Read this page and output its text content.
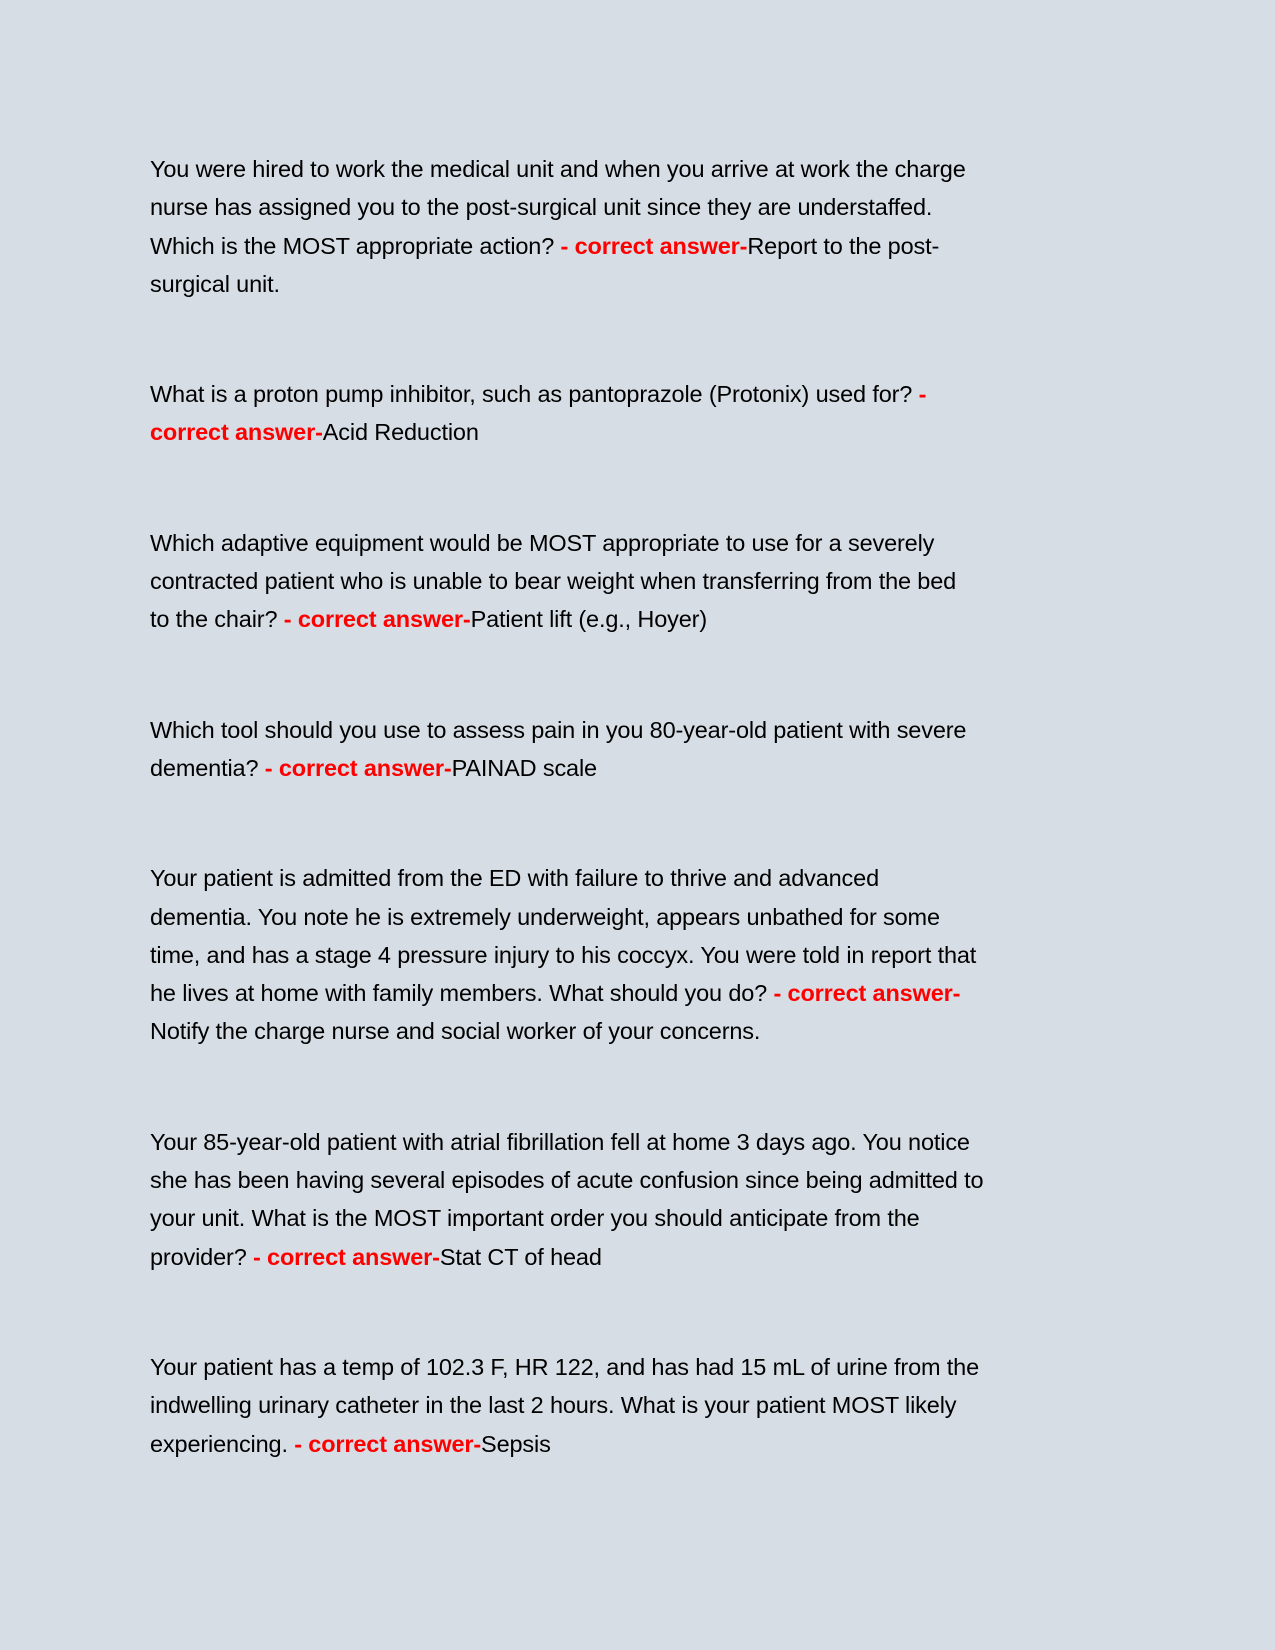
You were hired to work the medical unit and when you arrive at work the charge
nurse has assigned you to the post-surgical unit since they are understaffed.
Which is the MOST appropriate action? - correct answer-Report to the post-
surgical unit.
What is a proton pump inhibitor, such as pantoprazole (Protonix) used for? -
correct answer-Acid Reduction
Which adaptive equipment would be MOST appropriate to use for a severely
contracted patient who is unable to bear weight when transferring from the bed
to the chair? - correct answer-Patient lift (e.g., Hoyer)
Which tool should you use to assess pain in you 80-year-old patient with severe
dementia? - correct answer-PAINAD scale
Your patient is admitted from the ED with failure to thrive and advanced
dementia. You note he is extremely underweight, appears unbathed for some
time, and has a stage 4 pressure injury to his coccyx. You were told in report that
he lives at home with family members. What should you do? - correct answer-
Notify the charge nurse and social worker of your concerns.
Your 85-year-old patient with atrial fibrillation fell at home 3 days ago. You notice
she has been having several episodes of acute confusion since being admitted to
your unit. What is the MOST important order you should anticipate from the
provider? - correct answer-Stat CT of head
Your patient has a temp of 102.3 F, HR 122, and has had 15 mL of urine from the
indwelling urinary catheter in the last 2 hours. What is your patient MOST likely
experiencing. - correct answer-Sepsis
